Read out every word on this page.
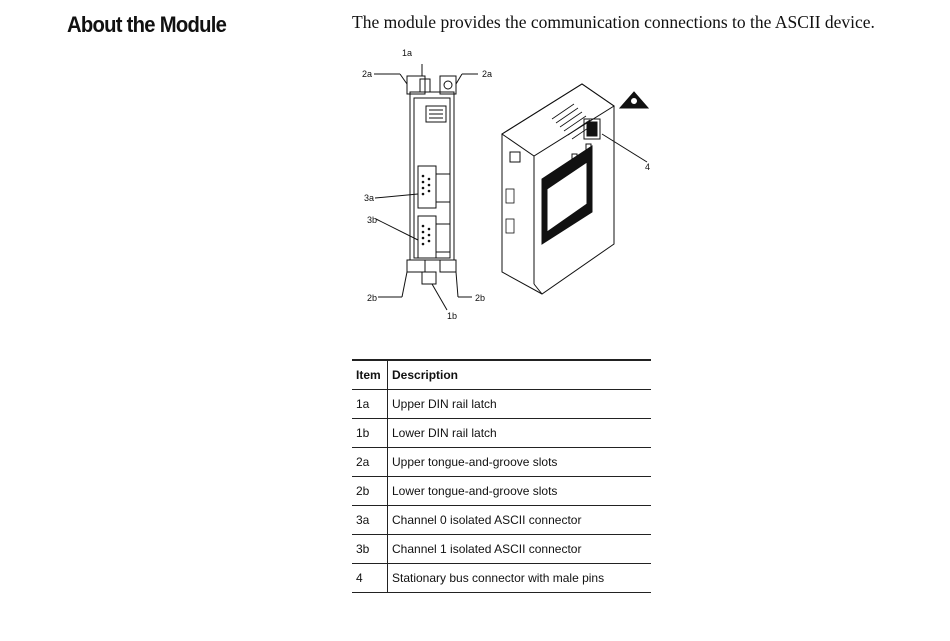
About the Module	The module provides the communication connections to the ASCII device.
1a
2a	2a
3a
3b
2b	2b
1b
4
Item	Description
1a	Upper DIN rail latch
1b	Lower DIN rail latch
2a	Upper tongue-and-groove slots
2b	Lower tongue-and-groove slots
3a	Channel 0 isolated ASCII connector
3b	Channel 1 isolated ASCII connector
4	Stationary bus connector with male pins
